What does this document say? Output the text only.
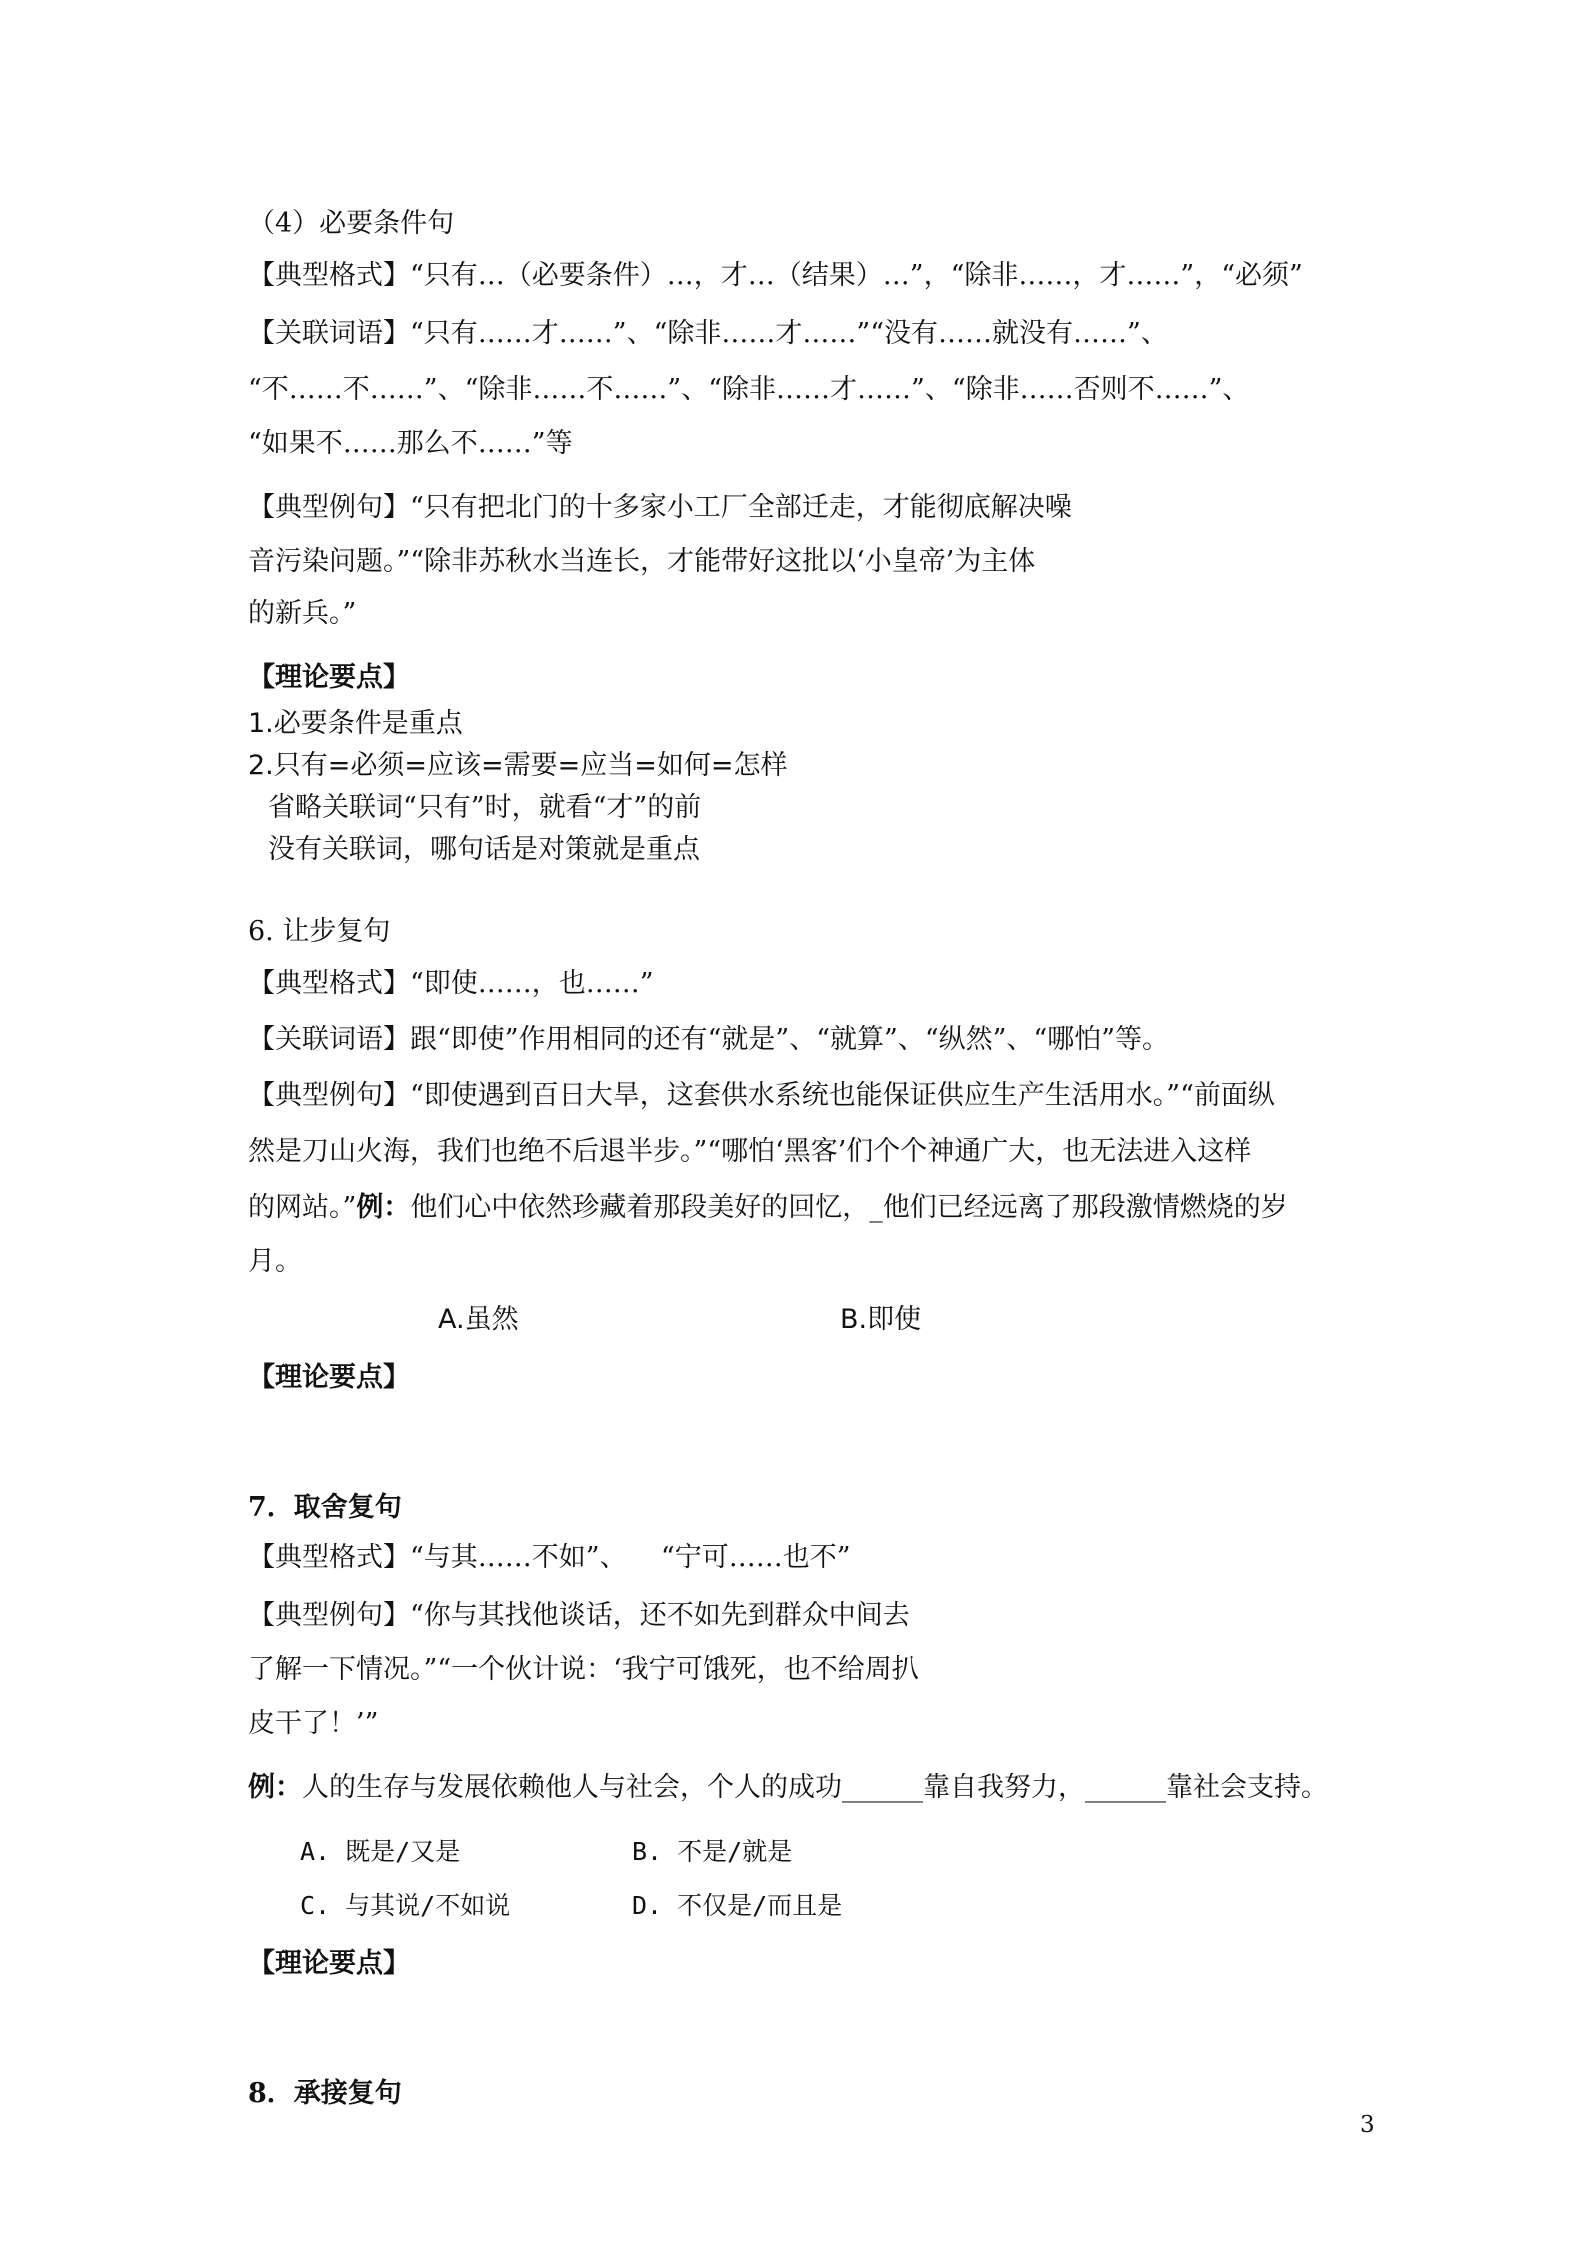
（4）必要条件句
【典型格式】“只有…（必要条件）…，才…（结果）…”，“除非……，才……”，“必须”
【关联词语】“只有……才……”、“除非……才……”“没有……就没有……”、
“不……不……”、“除非……不……”、“除非……才……”、“除非……否则不……”、
“如果不……那么不……”等
【典型例句】“只有把北门的十多家小工厂全部迁走，才能彻底解决噪
音污染问题。”“除非苏秋水当连长，才能带好这批以‘小皇帝’为主体
的新兵。”
【理论要点】
1.必要条件是重点
2.只有=必须=应该=需要=应当=如何=怎样
省略关联词“只有”时，就看“才”的前
没有关联词，哪句话是对策就是重点
6. 让步复句
【典型格式】“即使……，也……”
【关联词语】跟“即使”作用相同的还有“就是”、“就算”、“纵然”、“哪怕”等。
【典型例句】“即使遇到百日大旱，这套供水系统也能保证供应生产生活用水。”“前面纵
然是刀山火海，我们也绝不后退半步。”“哪怕‘黑客’们个个神通广大，也无法进入这样
的网站。”例：他们心中依然珍藏着那段美好的回忆，_他们已经远离了那段激情燃烧的岁
月。
A.虽然	B.即使
【理论要点】
7．取舍复句
【典型格式】“与其……不如”、    “宁可……也不”
【典型例句】“你与其找他谈话，还不如先到群众中间去
了解一下情况。”“一个伙计说：‘我宁可饿死，也不给周扒
皮干了！’”
例：人的生存与发展依赖他人与社会，个人的成功______靠自我努力，______靠社会支持。
A. 既是/又是	B. 不是/就是
C. 与其说/不如说	D. 不仅是/而且是
【理论要点】
8．承接复句
3
